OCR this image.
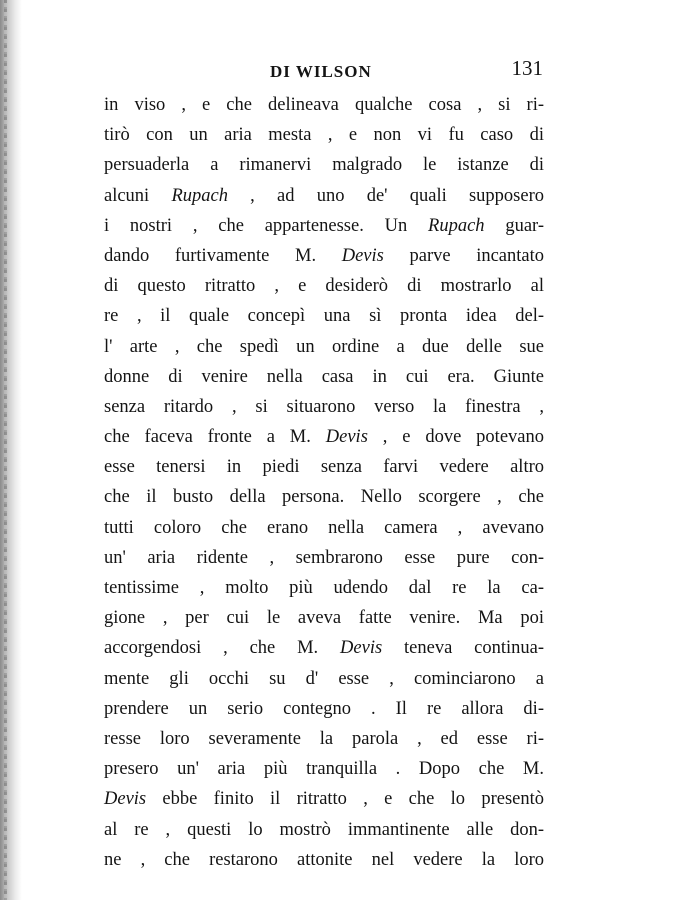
DI WILSON	131
in viso , e che delineava qualche cosa , si ri-
tirò con un aria mesta , e non vi fu caso di
persuaderla a rimanervi malgrado le istanze di
alcuni Rupach , ad uno de' quali supposero
i nostri , che appartenesse. Un Rupach guar-
dando furtivamente M. Devis parve incantato
di questo ritratto , e desiderò di mostrarlo al
re , il quale concepì una sì pronta idea del-
l' arte , che spedì un ordine a due delle sue
donne di venire nella casa in cui era. Giunte
senza ritardo , si situarono verso la finestra ,
che faceva fronte a M. Devis , e dove potevano
esse tenersi in piedi senza farvi vedere altro
che il busto della persona. Nello scorgere , che
tutti coloro che erano nella camera , avevano
un' aria ridente , sembrarono esse pure con-
tentissime , molto più udendo dal re la ca-
gione , per cui le aveva fatte venire. Ma poi
accorgendosi , che M. Devis teneva continua-
mente gli occhi su d' esse , cominciarono a
prendere un serio contegno . Il re allora di-
resse loro severamente la parola , ed esse ri-
presero un' aria più tranquilla . Dopo che M.
Devis ebbe finito il ritratto , e che lo presentò
al re , questi lo mostrò immantinente alle don-
ne , che restarono attonite nel vedere la loro
